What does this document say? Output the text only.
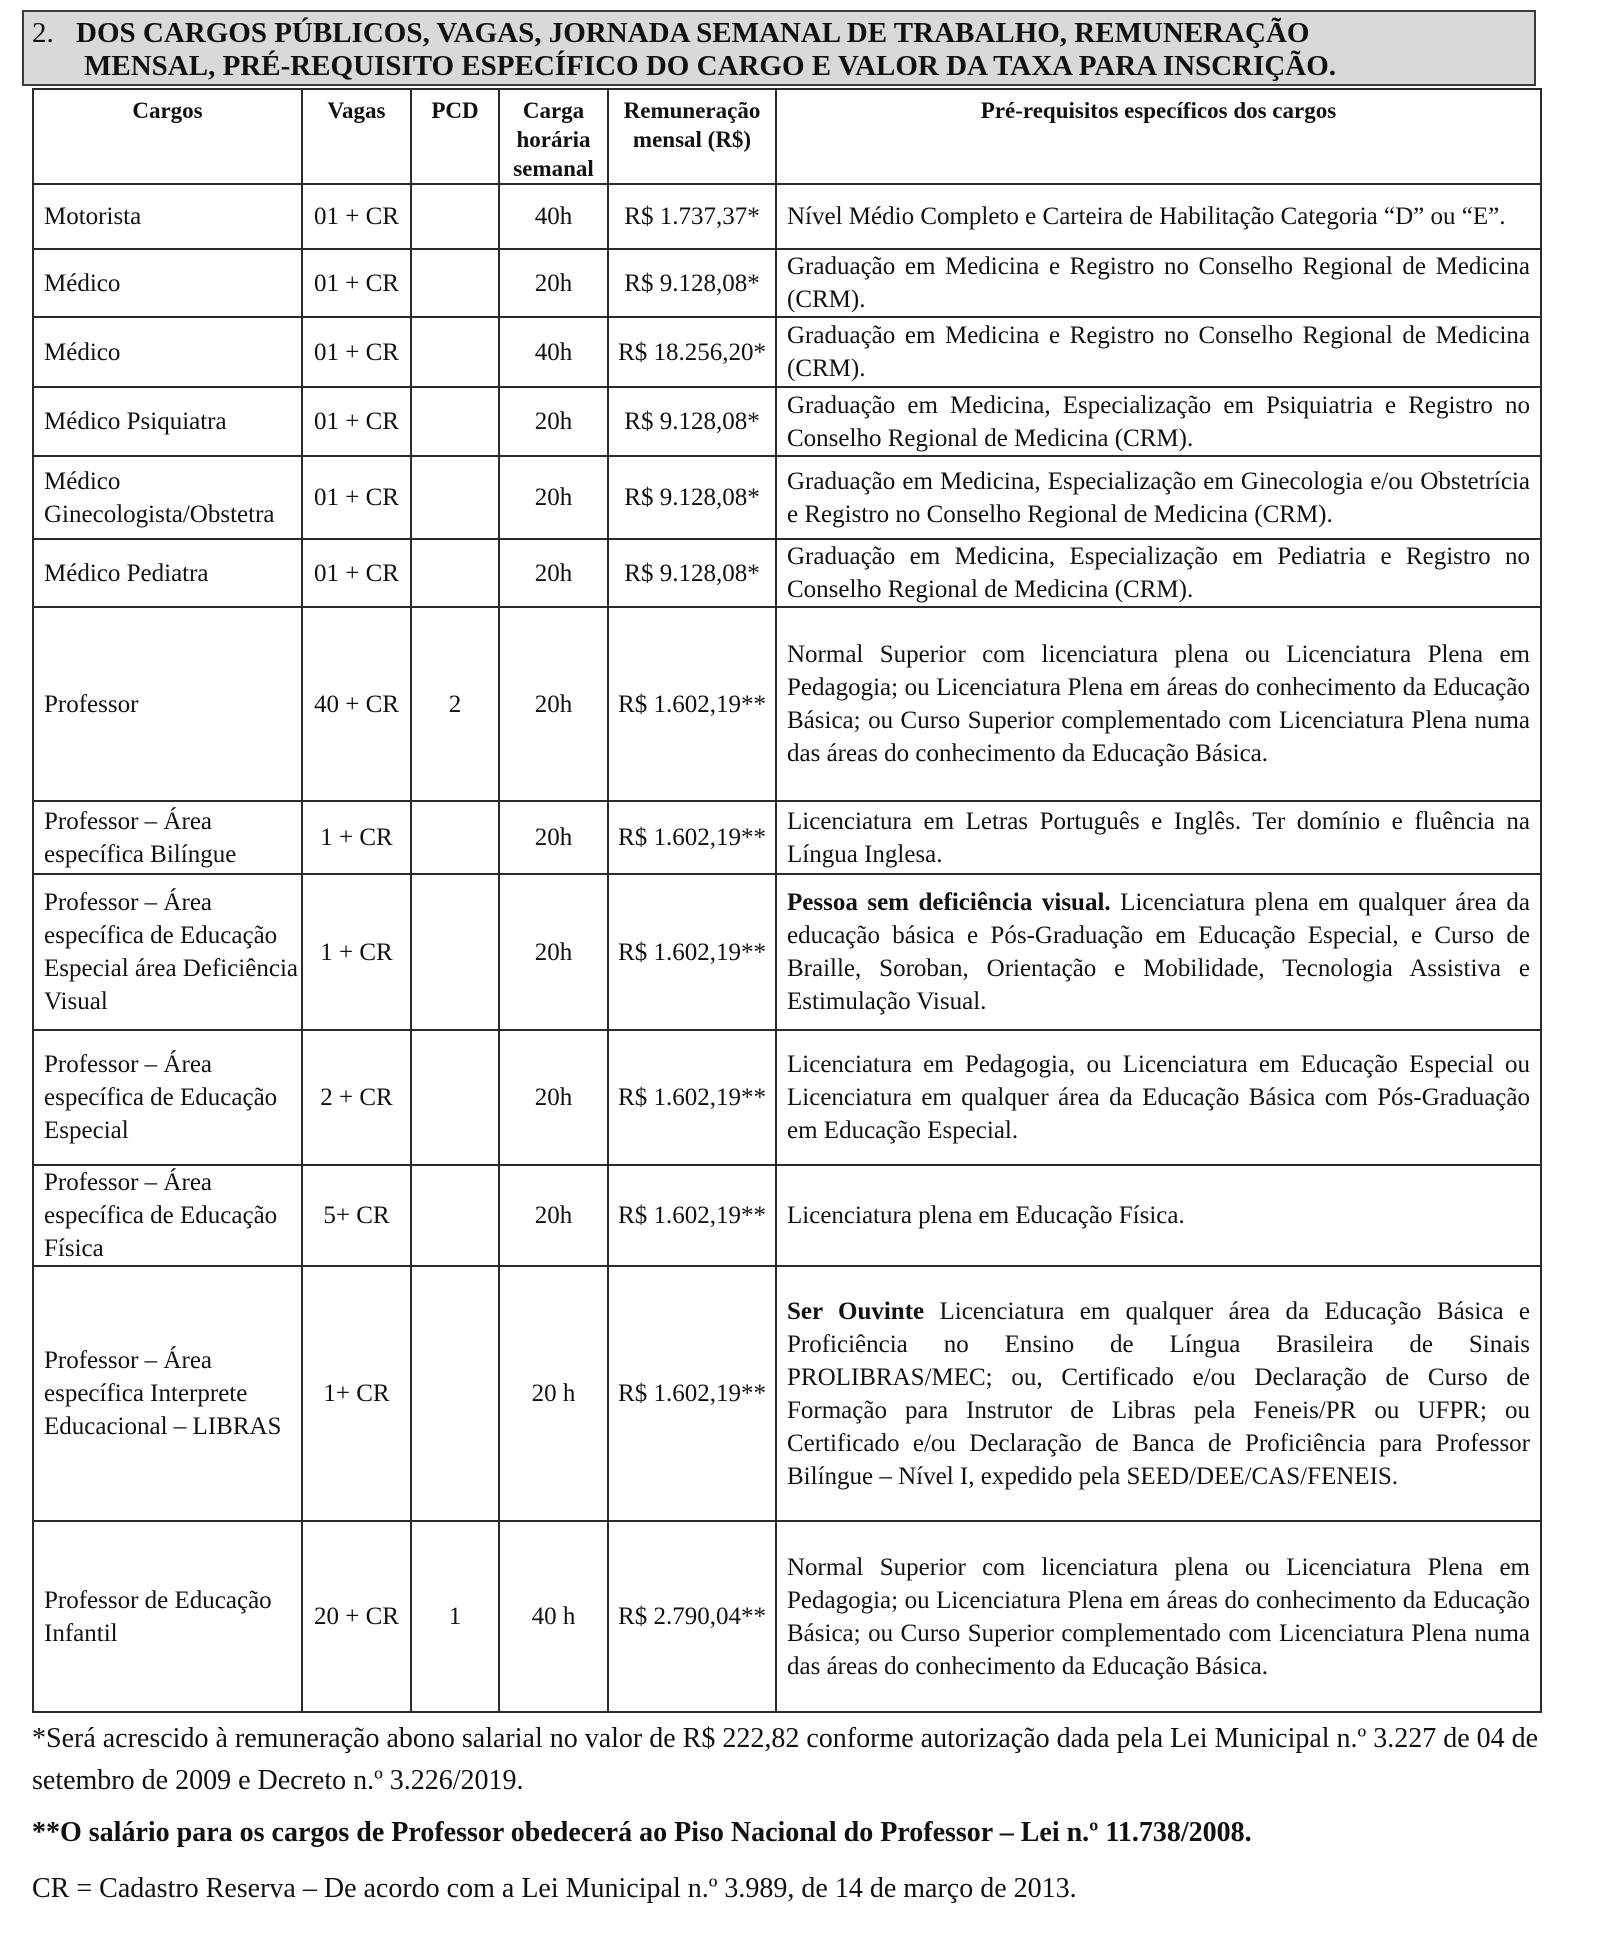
2. DOS CARGOS PÚBLICOS, VAGAS, JORNADA SEMANAL DE TRABALHO, REMUNERAÇÃO
MENSAL, PRÉ-REQUISITO ESPECÍFICO DO CARGO E VALOR DA TAXA PARA INSCRIÇÃO.
Cargos	Vagas	PCD	Carga horária semanal	Remuneração mensal (R$)	Pré-requisitos específicos dos cargos
Motorista	01 + CR		40h	R$ 1.737,37*	Nível Médio Completo e Carteira de Habilitação Categoria “D” ou “E”.
Médico	01 + CR		20h	R$ 9.128,08*	Graduação em Medicina e Registro no Conselho Regional de Medicina (CRM).
Médico	01 + CR		40h	R$ 18.256,20*	Graduação em Medicina e Registro no Conselho Regional de Medicina (CRM).
Médico Psiquiatra	01 + CR		20h	R$ 9.128,08*	Graduação em Medicina, Especialização em Psiquiatria e Registro no Conselho Regional de Medicina (CRM).
Médico Ginecologista/Obstetra	01 + CR		20h	R$ 9.128,08*	Graduação em Medicina, Especialização em Ginecologia e/ou Obstetrícia e Registro no Conselho Regional de Medicina (CRM).
Médico Pediatra	01 + CR		20h	R$ 9.128,08*	Graduação em Medicina, Especialização em Pediatria e Registro no Conselho Regional de Medicina (CRM).
Professor	40 + CR	2	20h	R$ 1.602,19**	Normal Superior com licenciatura plena ou Licenciatura Plena em Pedagogia; ou Licenciatura Plena em áreas do conhecimento da Educação Básica; ou Curso Superior complementado com Licenciatura Plena numa das áreas do conhecimento da Educação Básica.
Professor – Área específica Bilíngue	1 + CR		20h	R$ 1.602,19**	Licenciatura em Letras Português e Inglês. Ter domínio e fluência na Língua Inglesa.
Professor – Área específica de Educação Especial área Deficiência Visual	1 + CR		20h	R$ 1.602,19**	Pessoa sem deficiência visual. Licenciatura plena em qualquer área da educação básica e Pós-Graduação em Educação Especial, e Curso de Braille, Soroban, Orientação e Mobilidade, Tecnologia Assistiva e Estimulação Visual.
Professor – Área específica de Educação Especial	2 + CR		20h	R$ 1.602,19**	Licenciatura em Pedagogia, ou Licenciatura em Educação Especial ou Licenciatura em qualquer área da Educação Básica com Pós-Graduação em Educação Especial.
Professor – Área específica de Educação Física	5+ CR		20h	R$ 1.602,19**	Licenciatura plena em Educação Física.
Professor – Área específica Interprete Educacional – LIBRAS	1+ CR		20 h	R$ 1.602,19**	Ser Ouvinte Licenciatura em qualquer área da Educação Básica e Proficiência no Ensino de Língua Brasileira de Sinais PROLIBRAS/MEC; ou, Certificado e/ou Declaração de Curso de Formação para Instrutor de Libras pela Feneis/PR ou UFPR; ou Certificado e/ou Declaração de Banca de Proficiência para Professor Bilíngue – Nível I, expedido pela SEED/DEE/CAS/FENEIS.
Professor de Educação Infantil	20 + CR	1	40 h	R$ 2.790,04**	Normal Superior com licenciatura plena ou Licenciatura Plena em Pedagogia; ou Licenciatura Plena em áreas do conhecimento da Educação Básica; ou Curso Superior complementado com Licenciatura Plena numa das áreas do conhecimento da Educação Básica.
*Será acrescido à remuneração abono salarial no valor de R$ 222,82 conforme autorização dada pela Lei Municipal n.º 3.227 de 04 de setembro de 2009 e Decreto n.º 3.226/2019.
**O salário para os cargos de Professor obedecerá ao Piso Nacional do Professor – Lei n.º 11.738/2008.
CR = Cadastro Reserva – De acordo com a Lei Municipal n.º 3.989, de 14 de março de 2013.
